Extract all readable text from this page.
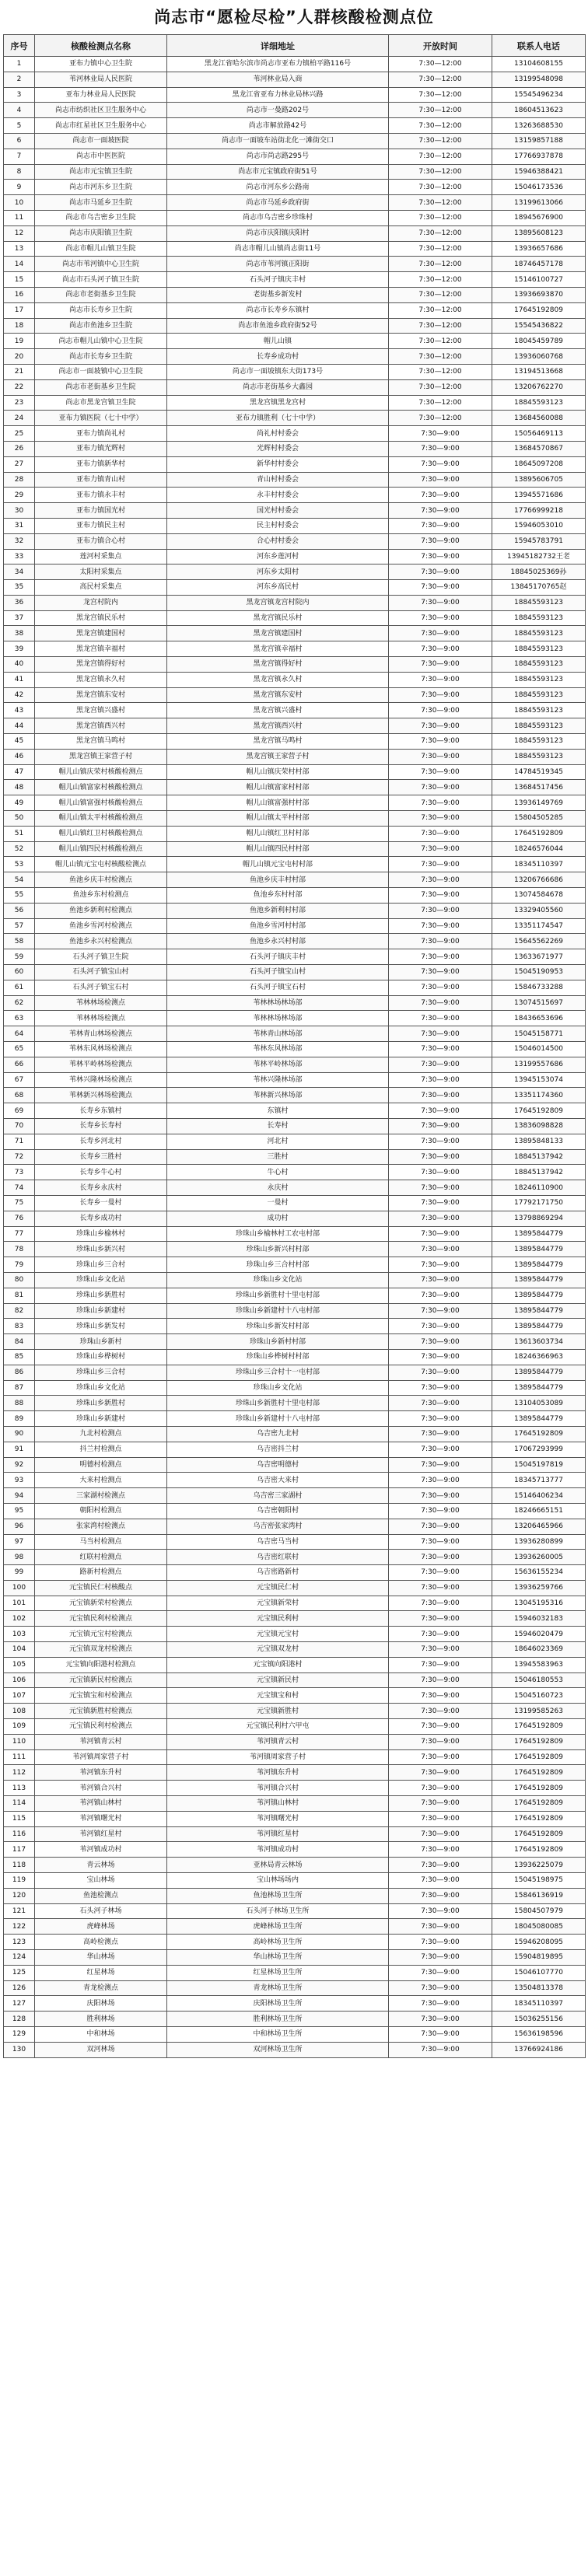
尚志市“愿检尽检”人群核酸检测点位
序号	核酸检测点名称	详细地址	开放时间	联系人电话
1	亚布力镇中心卫生院	黑龙江省哈尔滨市尚志市亚布力镇柏平路116号	7:30—12:00	13104608155
2	苇河林业局人民医院	苇河林业局入商	7:30—12:00	13199548098
3	亚布力林业局人民医院	黑龙江省亚布力林业局林兴路	7:30—12:00	15545496234
4	尚志市纺织社区卫生服务中心	尚志市一曼路202号	7:30—12:00	18604513623
5	尚志市红星社区卫生服务中心	尚志市解放路42号	7:30—12:00	13263688530
6	尚志市一面坡医院	尚志市一面坡车站街北化一滩街交口	7:30—12:00	13159857188
7	尚志市中医医院	尚志市尚志路295号	7:30—12:00	17766937878
8	尚志市元宝镇卫生院	尚志市元宝镇政府街51号	7:30—12:00	15946388421
9	尚志市河东乡卫生院	尚志市河东乡公路南	7:30—12:00	15046173536
10	尚志市马延乡卫生院	尚志市马延乡政府街	7:30—12:00	13199613066
11	尚志市乌吉密乡卫生院	尚志市乌吉密乡珍珠村	7:30—12:00	18945676900
12	尚志市庆阳镇卫生院	尚志市庆阳镇庆阳村	7:30—12:00	13895608123
13	尚志市帽儿山镇卫生院	尚志市帽儿山镇尚志街11号	7:30—12:00	13936657686
14	尚志市苇河镇中心卫生院	尚志市苇河镇正阳街	7:30—12:00	18746457178
15	尚志市石头河子镇卫生院	石头河子镇庆丰村	7:30—12:00	15146100727
16	尚志市老街基乡卫生院	老街基乡新发村	7:30—12:00	13936693870
17	尚志市长寿乡卫生院	尚志市长寿乡东镇村	7:30—12:00	17645192809
18	尚志市鱼池乡卫生院	尚志市鱼池乡政府街52号	7:30—12:00	15545436822
19	尚志市帽儿山镇中心卫生院	帽儿山镇	7:30—12:00	18045459789
20	尚志市长寿乡卫生院	长寿乡成功村	7:30—12:00	13936060768
21	尚志市一面坡镇中心卫生院	尚志市一面坡镇东大街173号	7:30—12:00	13194513668
22	尚志市老街基乡卫生院	尚志市老街基乡大鑫园	7:30—12:00	13206762270
23	尚志市黑龙宫镇卫生院	黑龙宫镇黑龙宫村	7:30—12:00	18845593123
24	亚布力镇医院（七十中学）	亚布力镇胜利（七十中学）	7:30—12:00	13684560088
25	亚布力镇尚礼村	尚礼村村委会	7:30—9:00	15056469113
26	亚布力镇光辉村	光辉村村委会	7:30—9:00	13684570867
27	亚布力镇新华村	新华村村委会	7:30—9:00	18645097208
28	亚布力镇青山村	青山村村委会	7:30—9:00	13895606705
29	亚布力镇永丰村	永丰村村委会	7:30—9:00	13945571686
30	亚布力镇国光村	国光村村委会	7:30—9:00	17766999218
31	亚布力镇民主村	民主村村委会	7:30—9:00	15946053010
32	亚布力镇合心村	合心村村委会	7:30—9:00	15945783791
33	莲河村采集点	河东乡莲河村	7:30—9:00	13945182732王老
34	太阳村采集点	河东乡太阳村	7:30—9:00	18845025369孙
35	高民村采集点	河东乡高民村	7:30—9:00	13845170765赵
36	龙宫村院内	黑龙宫镇龙宫村院内	7:30—9:00	18845593123
37	黑龙宫镇民乐村	黑龙宫镇民乐村	7:30—9:00	18845593123
38	黑龙宫镇建国村	黑龙宫镇建国村	7:30—9:00	18845593123
39	黑龙宫镇幸福村	黑龙宫镇幸福村	7:30—9:00	18845593123
40	黑龙宫镇得好村	黑龙宫镇得好村	7:30—9:00	18845593123
41	黑龙宫镇永久村	黑龙宫镇永久村	7:30—9:00	18845593123
42	黑龙宫镇东安村	黑龙宫镇东安村	7:30—9:00	18845593123
43	黑龙宫镇兴盛村	黑龙宫镇兴盛村	7:30—9:00	18845593123
44	黑龙宫镇西兴村	黑龙宫镇西兴村	7:30—9:00	18845593123
45	黑龙宫镇马鸣村	黑龙宫镇马鸣村	7:30—9:00	18845593123
46	黑龙宫镇王家营子村	黑龙宫镇王家营子村	7:30—9:00	18845593123
47	帽儿山镇庆荣村核酸检测点	帽儿山镇庆荣村村部	7:30—9:00	14784519345
48	帽儿山镇富家村核酸检测点	帽儿山镇富家村村部	7:30—9:00	13684517456
49	帽儿山镇富强村核酸检测点	帽儿山镇富强村村部	7:30—9:00	13936149769
50	帽儿山镇太平村核酸检测点	帽儿山镇太平村村部	7:30—9:00	15804505285
51	帽儿山镇红卫村核酸检测点	帽儿山镇红卫村村部	7:30—9:00	17645192809
52	帽儿山镇四民村核酸检测点	帽儿山镇四民村村部	7:30—9:00	18246576044
53	帽儿山镇元宝屯村核酸检测点	帽儿山镇元宝屯村村部	7:30—9:00	18345110397
54	鱼池乡庆丰村检测点	鱼池乡庆丰村村部	7:30—9:00	13206766686
55	鱼池乡东村检测点	鱼池乡东村村部	7:30—9:00	13074584678
56	鱼池乡新利村检测点	鱼池乡新利村村部	7:30—9:00	13329405560
57	鱼池乡雪河村检测点	鱼池乡雪河村村部	7:30—9:00	13351174547
58	鱼池乡永兴村检测点	鱼池乡永兴村村部	7:30—9:00	15645562269
59	石头河子镇卫生院	石头河子镇庆丰村	7:30—9:00	13633671977
60	石头河子镇宝山村	石头河子镇宝山村	7:30—9:00	15045190953
61	石头河子镇宝石村	石头河子镇宝石村	7:30—9:00	15846733288
62	苇林林场检测点	苇林林场林场部	7:30—9:00	13074515697
63	苇林林场检测点	苇林林场林场部	7:30—9:00	18436653696
64	苇林青山林场检测点	苇林青山林场部	7:30—9:00	15045158771
65	苇林东风林场检测点	苇林东风林场部	7:30—9:00	15046014500
66	苇林平岭林场检测点	苇林平岭林场部	7:30—9:00	13199557686
67	苇林兴隆林场检测点	苇林兴隆林场部	7:30—9:00	13945153074
68	苇林新兴林场检测点	苇林新兴林场部	7:30—9:00	13351174360
69	长寿乡东镇村	东镇村	7:30—9:00	17645192809
70	长寿乡长寿村	长寿村	7:30—9:00	13836098828
71	长寿乡河北村	河北村	7:30—9:00	13895848133
72	长寿乡三胜村	三胜村	7:30—9:00	18845137942
73	长寿乡牛心村	牛心村	7:30—9:00	18845137942
74	长寿乡永庆村	永庆村	7:30—9:00	18246110900
75	长寿乡一曼村	一曼村	7:30—9:00	17792171750
76	长寿乡成功村	成功村	7:30—9:00	13798869294
77	珍珠山乡榆林村	珍珠山乡榆林村工农屯村部	7:30—9:00	13895844779
78	珍珠山乡新兴村	珍珠山乡新兴村村部	7:30—9:00	13895844779
79	珍珠山乡三合村	珍珠山乡三合村村部	7:30—9:00	13895844779
80	珍珠山乡文化站	珍珠山乡文化站	7:30—9:00	13895844779
81	珍珠山乡新胜村	珍珠山乡新胜村十里屯村部	7:30—9:00	13895844779
82	珍珠山乡新建村	珍珠山乡新建村十八屯村部	7:30—9:00	13895844779
83	珍珠山乡新发村	珍珠山乡新发村村部	7:30—9:00	13895844779
84	珍珠山乡新村	珍珠山乡新村村部	7:30—9:00	13613603734
85	珍珠山乡桦树村	珍珠山乡桦树村村部	7:30—9:00	18246366963
86	珍珠山乡三合村	珍珠山乡三合村十一屯村部	7:30—9:00	13895844779
87	珍珠山乡文化站	珍珠山乡文化站	7:30—9:00	13895844779
88	珍珠山乡新胜村	珍珠山乡新胜村十里屯村部	7:30—9:00	13104053089
89	珍珠山乡新建村	珍珠山乡新建村十八屯村部	7:30—9:00	13895844779
90	九北村检测点	乌吉密九北村	7:30—9:00	17645192809
91	抖兰村检测点	乌吉密抖兰村	7:30—9:00	17067293999
92	明德村检测点	乌吉密明德村	7:30—9:00	15045197819
93	大来村检测点	乌吉密大来村	7:30—9:00	18345713777
94	三家湖村检测点	乌吉密三家湖村	7:30—9:00	15146406234
95	朝阳村检测点	乌吉密朝阳村	7:30—9:00	18246665151
96	张家湾村检测点	乌吉密张家湾村	7:30—9:00	13206465966
97	马当村检测点	乌吉密马当村	7:30—9:00	13936280899
98	红联村检测点	乌吉密红联村	7:30—9:00	13936260005
99	路新村检测点	乌吉密路新村	7:30—9:00	15636155234
100	元宝镇民仁村核酸点	元宝镇民仁村	7:30—9:00	13936259766
101	元宝镇新荣村检测点	元宝镇新荣村	7:30—9:00	13045195316
102	元宝镇民利村检测点	元宝镇民利村	7:30—9:00	15946032183
103	元宝镇元宝村检测点	元宝镇元宝村	7:30—9:00	15946020479
104	元宝镇双龙村检测点	元宝镇双龙村	7:30—9:00	18646023369
105	元宝镇向阳港村检测点	元宝镇向阳港村	7:30—9:00	13945583963
106	元宝镇新民村检测点	元宝镇新民村	7:30—9:00	15046180553
107	元宝镇宝和村检测点	元宝镇宝和村	7:30—9:00	15045160723
108	元宝镇新胜村检测点	元宝镇新胜村	7:30—9:00	13199585263
109	元宝镇民利村检测点	元宝镇民利村六甲屯	7:30—9:00	17645192809
110	苇河镇青云村	苇河镇青云村	7:30—9:00	17645192809
111	苇河镇周家营子村	苇河镇周家营子村	7:30—9:00	17645192809
112	苇河镇东升村	苇河镇东升村	7:30—9:00	17645192809
113	苇河镇合兴村	苇河镇合兴村	7:30—9:00	17645192809
114	苇河镇山林村	苇河镇山林村	7:30—9:00	17645192809
115	苇河镇曙光村	苇河镇曙光村	7:30—9:00	17645192809
116	苇河镇红星村	苇河镇红星村	7:30—9:00	17645192809
117	苇河镇成功村	苇河镇成功村	7:30—9:00	17645192809
118	青云林场	亚林局青云林场	7:30—9:00	13936225079
119	宝山林场	宝山林场场内	7:30—9:00	15045198975
120	鱼池检测点	鱼池林场卫生所	7:30—9:00	15846136919
121	石头河子林场	石头河子林场卫生所	7:30—9:00	15804507979
122	虎峰林场	虎峰林场卫生所	7:30—9:00	18045080085
123	高岭检测点	高岭林场卫生所	7:30—9:00	15946208095
124	华山林场	华山林场卫生所	7:30—9:00	15904819895
125	红星林场	红星林场卫生所	7:30—9:00	15046107770
126	青龙检测点	青龙林场卫生所	7:30—9:00	13504813378
127	庆阳林场	庆阳林场卫生所	7:30—9:00	18345110397
128	胜利林场	胜利林场卫生所	7:30—9:00	15036255156
129	中和林场	中和林场卫生所	7:30—9:00	15636198596
130	双河林场	双河林场卫生所	7:30—9:00	13766924186
